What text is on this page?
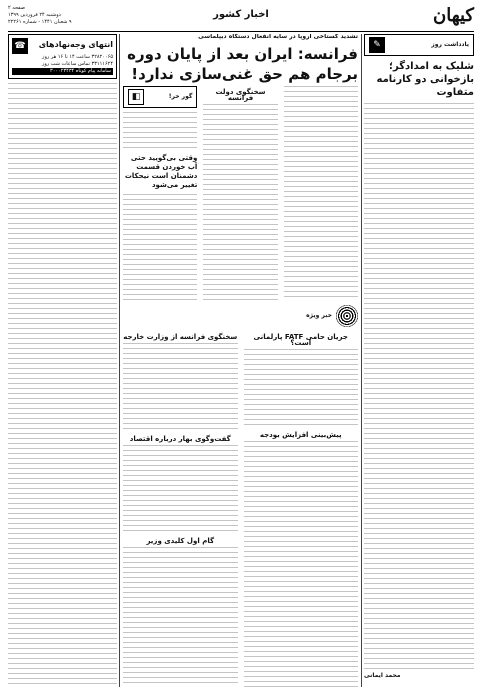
کیهان
اخبار کشور
صفحه ۲
دوشنبه ۲۴ فروردین ۱۳۹۹
۹ شعبان ۱۴۴۱ - شماره ۲۲۲۶۱
یادداشت روز
✎
شلیک به امدادگر؛ بازخوانی دو کارنامه متفاوت
محمد ایمانی
تشدید گستاخی اروپا در سایه انفعال دستگاه دیپلماسی
فرانسه: ایران بعد از پایان دوره برجام هم حق غنی‌سازی ندارد!
سخنگوی دولت فرانسه
گور خر!
◧
وقتی بی‌گویید حتی آب خوردن قسمت دشمنان است نیحکات تغییر می‌شود
خبر ویژه
جریان حامی FATF پارلمانی است؟
پیش‌بینی افزایش بودجه
سخنگوی فرانسه از وزارت خارجه
گفت‌وگوی بهار درباره اقتصاد
گام اول کلیدی وزیر
انتهای وجه‌نهادهای
☎
۳۲۸۲۰۰۶۵ ساعت ۱۴ تا ۱۶ هر روز
۳۳۱۱۱۶۲۴ تماس ساعات شب روز
سامانه پیام کوتاه ۳۰۰۰۲۳۴۳۴
